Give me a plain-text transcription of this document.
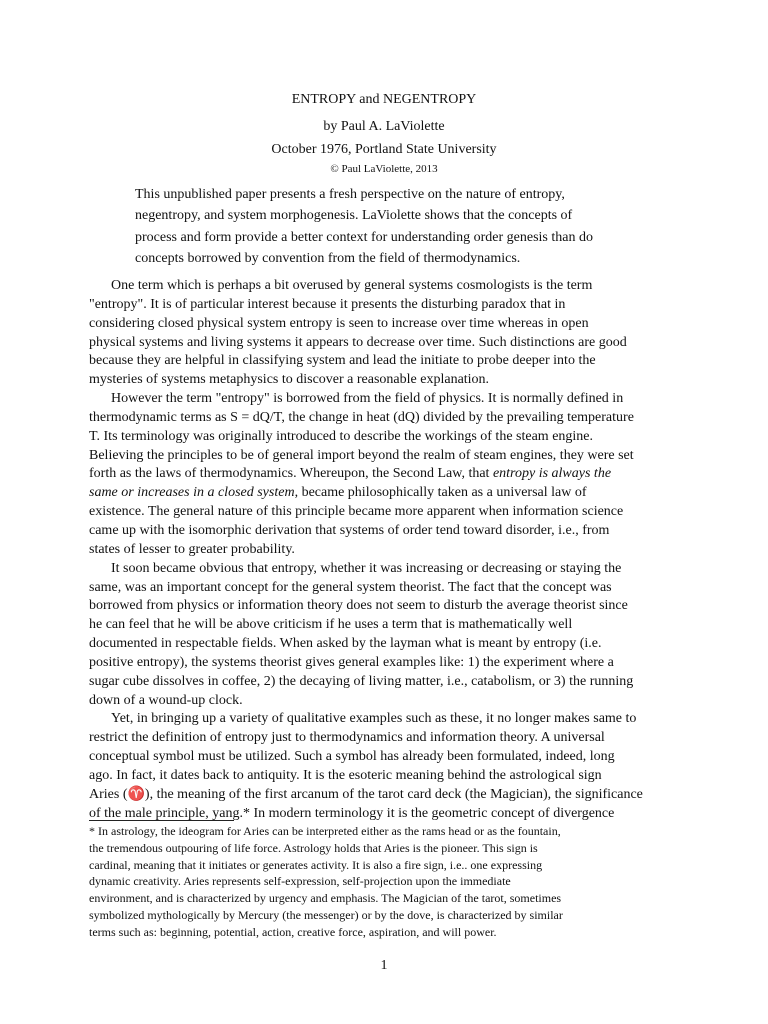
ENTROPY and NEGENTROPY
by Paul A. LaViolette
October 1976, Portland State University
© Paul LaViolette, 2013
This unpublished paper presents a fresh perspective on the nature of entropy,
negentropy, and system morphogenesis. LaViolette shows that the concepts of
process and form provide a better context for understanding order genesis than do
concepts borrowed by convention from the field of thermodynamics.
One term which is perhaps a bit overused by general systems cosmologists is the term
"entropy". It is of particular interest because it presents the disturbing paradox that in
considering closed physical system entropy is seen to increase over time whereas in open
physical systems and living systems it appears to decrease over time. Such distinctions are good
because they are helpful in classifying system and lead the initiate to probe deeper into the
mysteries of systems metaphysics to discover a reasonable explanation.
However the term "entropy" is borrowed from the field of physics. It is normally defined in
thermodynamic terms as S = dQ/T, the change in heat (dQ) divided by the prevailing temperature
T. Its terminology was originally introduced to describe the workings of the steam engine.
Believing the principles to be of general import beyond the realm of steam engines, they were set
forth as the laws of thermodynamics. Whereupon, the Second Law, that entropy is always the
same or increases in a closed system, became philosophically taken as a universal law of
existence. The general nature of this principle became more apparent when information science
came up with the isomorphic derivation that systems of order tend toward disorder, i.e., from
states of lesser to greater probability.
It soon became obvious that entropy, whether it was increasing or decreasing or staying the
same, was an important concept for the general system theorist. The fact that the concept was
borrowed from physics or information theory does not seem to disturb the average theorist since
he can feel that he will be above criticism if he uses a term that is mathematically well
documented in respectable fields. When asked by the layman what is meant by entropy (i.e.
positive entropy), the systems theorist gives general examples like: 1) the experiment where a
sugar cube dissolves in coffee, 2) the decaying of living matter, i.e., catabolism, or 3) the running
down of a wound-up clock.
Yet, in bringing up a variety of qualitative examples such as these, it no longer makes same to
restrict the definition of entropy just to thermodynamics and information theory. A universal
conceptual symbol must be utilized. Such a symbol has already been formulated, indeed, long
ago. In fact, it dates back to antiquity. It is the esoteric meaning behind the astrological sign
Aries (♈), the meaning of the first arcanum of the tarot card deck (the Magician), the significance
of the male principle, yang.* In modern terminology it is the geometric concept of divergence
* In astrology, the ideogram for Aries can be interpreted either as the rams head or as the fountain,
the tremendous outpouring of life force. Astrology holds that Aries is the pioneer. This sign is
cardinal, meaning that it initiates or generates activity. It is also a fire sign, i.e.. one expressing
dynamic creativity. Aries represents self-expression, self-projection upon the immediate
environment, and is characterized by urgency and emphasis. The Magician of the tarot, sometimes
symbolized mythologically by Mercury (the messenger) or by the dove, is characterized by similar
terms such as: beginning, potential, action, creative force, aspiration, and will power.
1
